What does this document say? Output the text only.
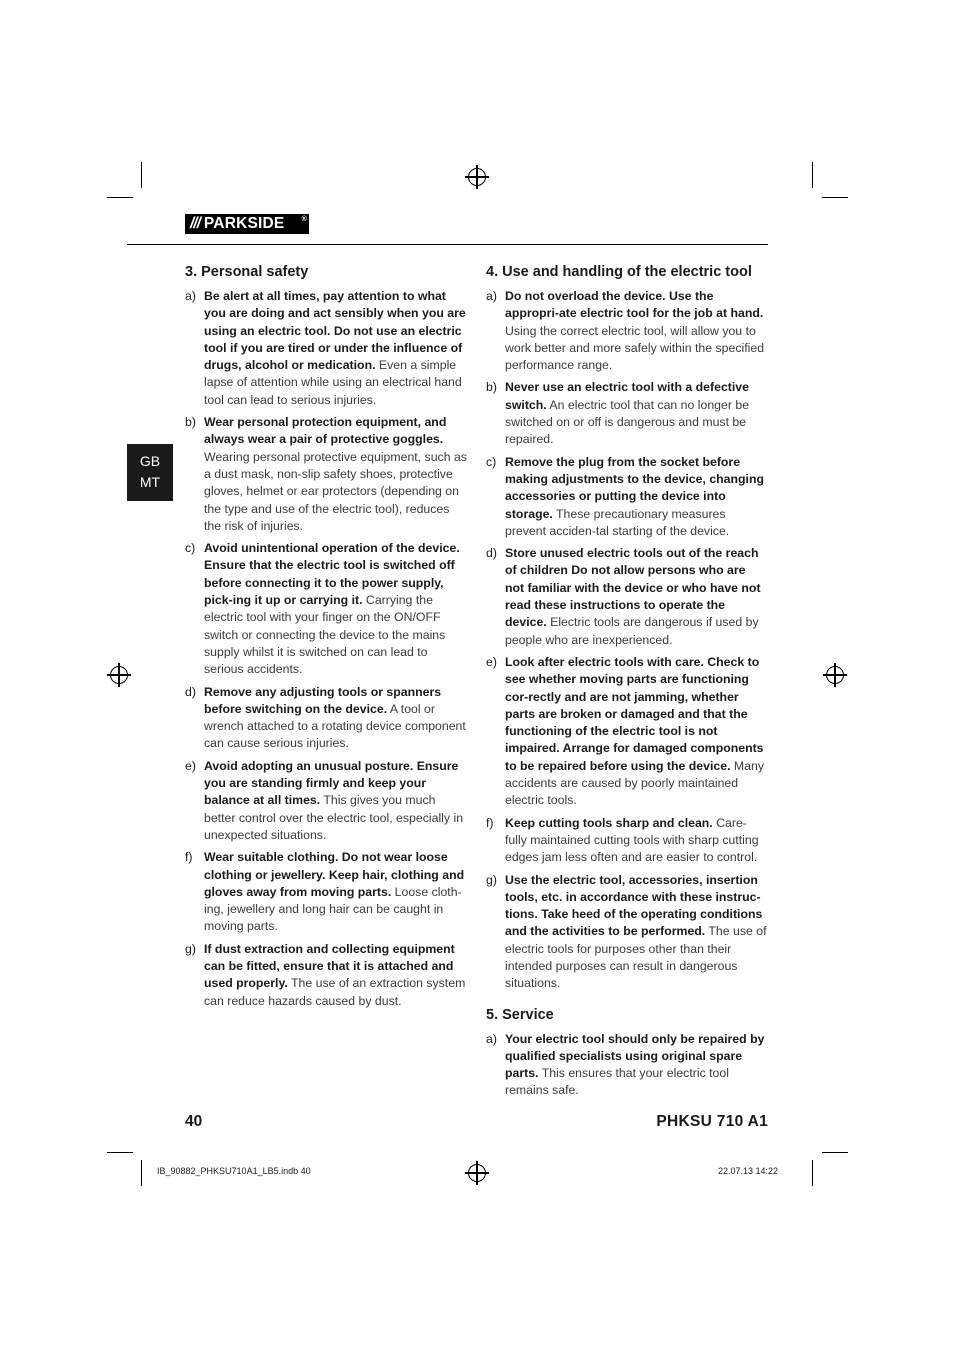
/// PARKSIDE ®
GB
MT
3. Personal safety
a) Be alert at all times, pay attention to what you are doing and act sensibly when you are using an electric tool. Do not use an electric tool if you are tired or under the influence of drugs, alcohol or medication. Even a simple lapse of attention while using an electrical hand tool can lead to serious injuries.
b) Wear personal protection equipment, and always wear a pair of protective goggles. Wearing personal protective equipment, such as a dust mask, non-slip safety shoes, protective gloves, helmet or ear protectors (depending on the type and use of the electric tool), reduces the risk of injuries.
c) Avoid unintentional operation of the device. Ensure that the electric tool is switched off before connecting it to the power supply, pick-ing it up or carrying it. Carrying the electric tool with your finger on the ON/OFF switch or connecting the device to the mains supply whilst it is switched on can lead to serious accidents.
d) Remove any adjusting tools or spanners before switching on the device. A tool or wrench attached to a rotating device component can cause serious injuries.
e) Avoid adopting an unusual posture. Ensure you are standing firmly and keep your balance at all times. This gives you much better control over the electric tool, especially in unexpected situations.
f) Wear suitable clothing. Do not wear loose clothing or jewellery. Keep hair, clothing and gloves away from moving parts. Loose cloth-ing, jewellery and long hair can be caught in moving parts.
g) If dust extraction and collecting equipment can be fitted, ensure that it is attached and used properly. The use of an extraction system can reduce hazards caused by dust.
4. Use and handling of the electric tool
a) Do not overload the device. Use the appropri-ate electric tool for the job at hand. Using the correct electric tool, will allow you to work better and more safely within the specified performance range.
b) Never use an electric tool with a defective switch. An electric tool that can no longer be switched on or off is dangerous and must be repaired.
c) Remove the plug from the socket before making adjustments to the device, changing accessories or putting the device into storage. These precautionary measures prevent acciden-tal starting of the device.
d) Store unused electric tools out of the reach of children Do not allow persons who are not familiar with the device or who have not read these instructions to operate the device. Electric tools are dangerous if used by people who are inexperienced.
e) Look after electric tools with care. Check to see whether moving parts are functioning cor-rectly and are not jamming, whether parts are broken or damaged and that the functioning of the electric tool is not impaired. Arrange for damaged components to be repaired before using the device. Many accidents are caused by poorly maintained electric tools.
f) Keep cutting tools sharp and clean. Care-fully maintained cutting tools with sharp cutting edges jam less often and are easier to control.
g) Use the electric tool, accessories, insertion tools, etc. in accordance with these instruc-tions. Take heed of the operating conditions and the activities to be performed. The use of electric tools for purposes other than their intended purposes can result in dangerous situations.
5. Service
a) Your electric tool should only be repaired by qualified specialists using original spare parts. This ensures that your electric tool remains safe.
40	PHKSU 710 A1
IB_90882_PHKSU710A1_LB5.indb 40	22.07.13 14:22
